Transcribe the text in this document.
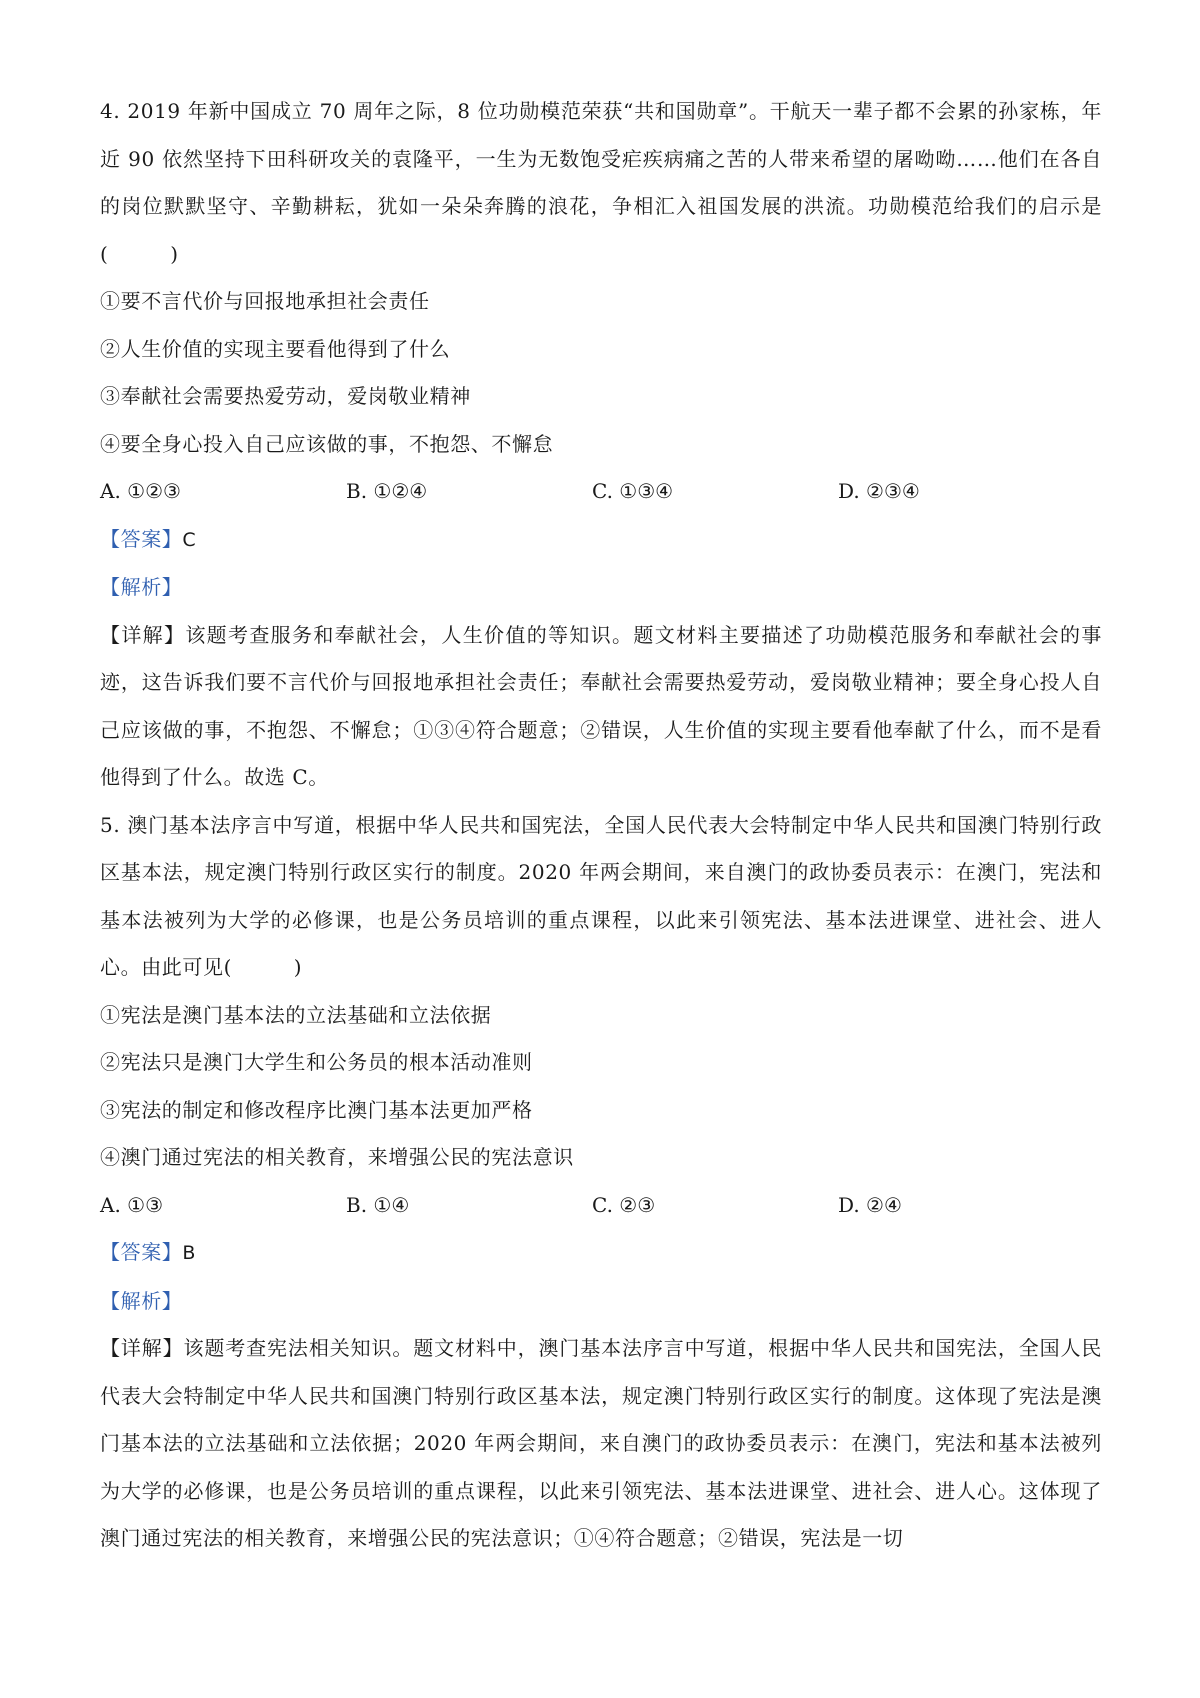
4. 2019 年新中国成立 70 周年之际，8 位功勋模范荣获“共和国勋章”。干航天一辈子都不会累的孙家栋，年近 90 依然坚持下田科研攻关的袁隆平，一生为无数饱受疟疾病痛之苦的人带来希望的屠呦呦……他们在各自的岗位默默坚守、辛勤耕耘，犹如一朵朵奔腾的浪花，争相汇入祖国发展的洪流。功勋模范给我们的启示是(　　　)

①要不言代价与回报地承担社会责任

②人生价值的实现主要看他得到了什么

③奉献社会需要热爱劳动，爱岗敬业精神

④要全身心投入自己应该做的事，不抱怨、不懈怠

A. ①②③	B. ①②④	C. ①③④	D. ②③④

【答案】C

【解析】

【详解】该题考查服务和奉献社会，人生价值的等知识。题文材料主要描述了功勋模范服务和奉献社会的事迹，这告诉我们要不言代价与回报地承担社会责任；奉献社会需要热爱劳动，爱岗敬业精神；要全身心投人自己应该做的事，不抱怨、不懈怠；①③④符合题意；②错误，人生价值的实现主要看他奉献了什么，而不是看他得到了什么。故选 C。

5. 澳门基本法序言中写道，根据中华人民共和国宪法，全国人民代表大会特制定中华人民共和国澳门特别行政区基本法，规定澳门特别行政区实行的制度。2020 年两会期间，来自澳门的政协委员表示：在澳门，宪法和基本法被列为大学的必修课，也是公务员培训的重点课程，以此来引领宪法、基本法进课堂、进社会、进人心。由此可见(　　　)

①宪法是澳门基本法的立法基础和立法依据

②宪法只是澳门大学生和公务员的根本活动准则

③宪法的制定和修改程序比澳门基本法更加严格

④澳门通过宪法的相关教育，来增强公民的宪法意识

A. ①③	B. ①④	C. ②③	D. ②④

【答案】B

【解析】

【详解】该题考查宪法相关知识。题文材料中，澳门基本法序言中写道，根据中华人民共和国宪法，全国人民代表大会特制定中华人民共和国澳门特别行政区基本法，规定澳门特别行政区实行的制度。这体现了宪法是澳门基本法的立法基础和立法依据；2020 年两会期间，来自澳门的政协委员表示：在澳门，宪法和基本法被列为大学的必修课，也是公务员培训的重点课程，以此来引领宪法、基本法进课堂、进社会、进人心。这体现了澳门通过宪法的相关教育，来增强公民的宪法意识；①④符合题意；②错误，宪法是一切
